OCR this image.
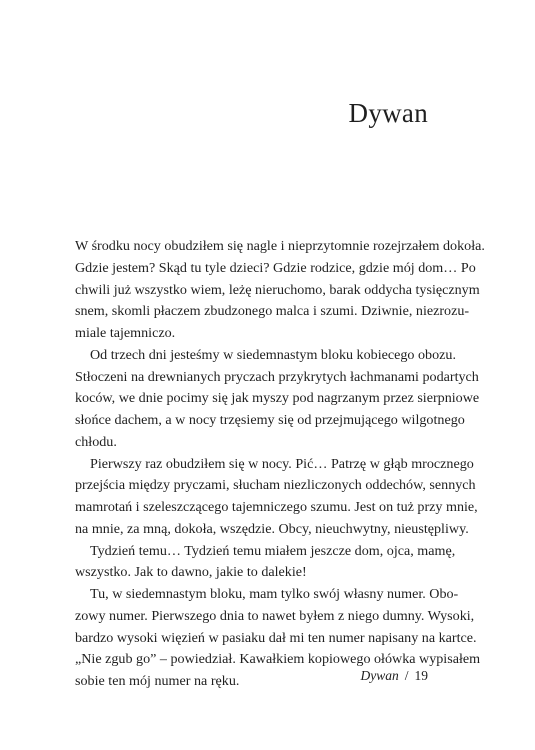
Dywan
W środku nocy obudziłem się nagle i nieprzytomnie rozejrzałem dokoła.
Gdzie jestem? Skąd tu tyle dzieci? Gdzie rodzice, gdzie mój dom… Po
chwili już wszystko wiem, leżę nieruchomo, barak oddycha tysięcznym
snem, skomli płaczem zbudzonego malca i szumi. Dziwnie, niezrozu-
miale tajemniczo.
Od trzech dni jesteśmy w siedemnastym bloku kobiecego obozu.
Stłoczeni na drewnianych pryczach przykrytych łachmanami podartych
koców, we dnie pocimy się jak myszy pod nagrzanym przez sierpniowe
słońce dachem, a w nocy trzęsiemy się od przejmującego wilgotnego
chłodu.
Pierwszy raz obudziłem się w nocy. Pić… Patrzę w głąb mrocznego
przejścia między pryczami, słucham niezliczonych oddechów, sennych
mamrotań i szeleszczącego tajemniczego szumu. Jest on tuż przy mnie,
na mnie, za mną, dokoła, wszędzie. Obcy, nieuchwytny, nieustępliwy.
Tydzień temu… Tydzień temu miałem jeszcze dom, ojca, mamę,
wszystko. Jak to dawno, jakie to dalekie!
Tu, w siedemnastym bloku, mam tylko swój własny numer. Obo-
zowy numer. Pierwszego dnia to nawet byłem z niego dumny. Wysoki,
bardzo wysoki więzień w pasiaku dał mi ten numer napisany na kartce.
„Nie zgub go” – powiedział. Kawałkiem kopiowego ołówka wypisałem
sobie ten mój numer na ręku.	Dywan / 19
